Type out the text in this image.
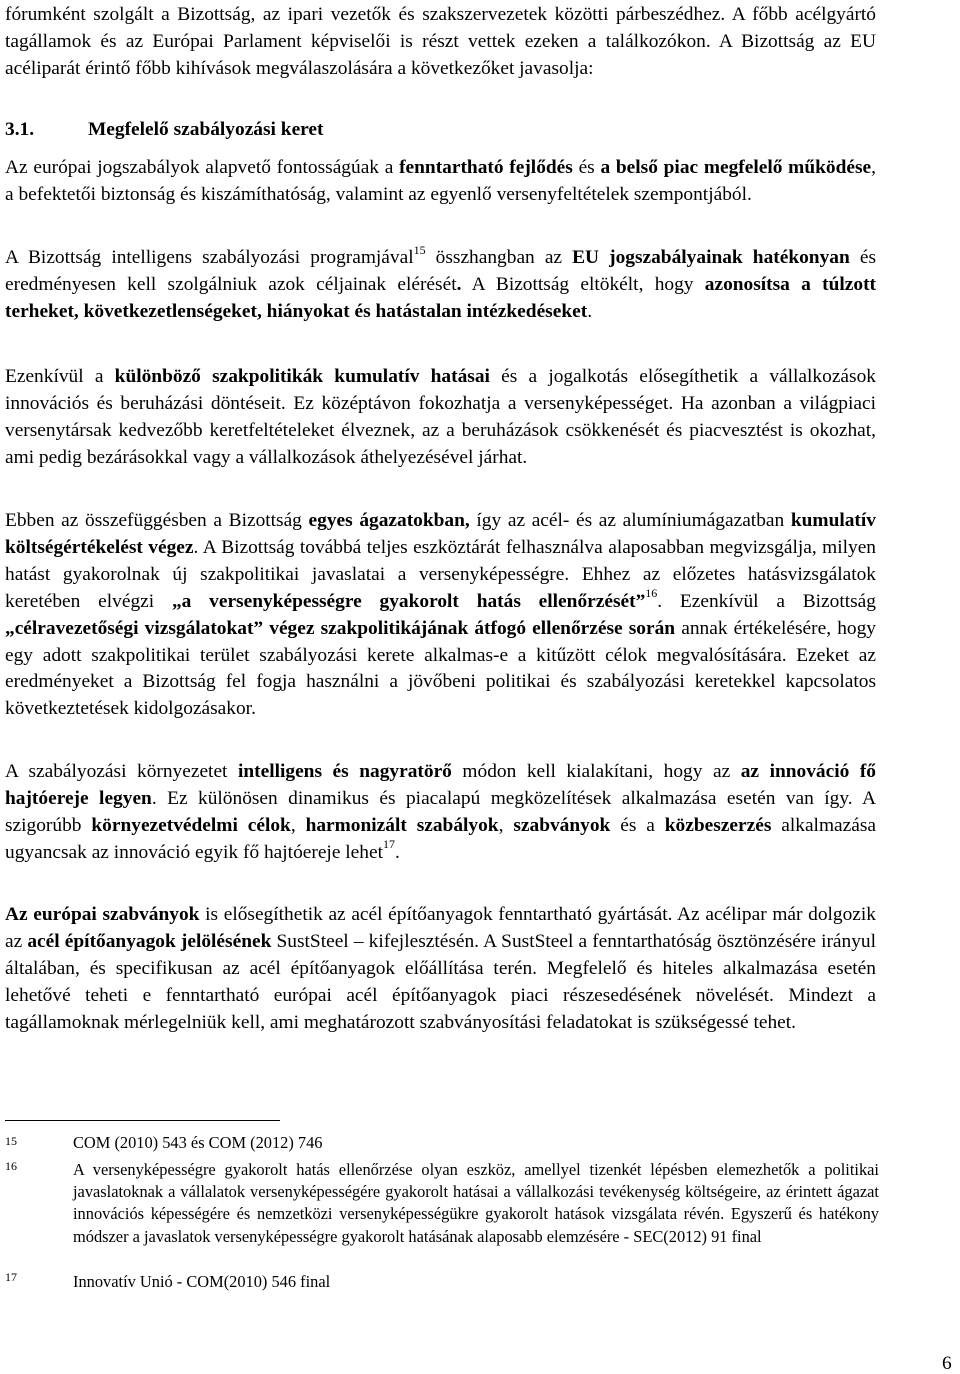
fórumként szolgált a Bizottság, az ipari vezetők és szakszervezetek közötti párbeszédhez. A főbb acélgyártó tagállamok és az Európai Parlament képviselői is részt vettek ezeken a találkozókon. A Bizottság az EU acéliparát érintő főbb kihívások megválaszolására a következőket javasolja:
3.1.	Megfelelő szabályozási keret
Az európai jogszabályok alapvető fontosságúak a fenntartható fejlődés és a belső piac megfelelő működése, a befektetői biztonság és kiszámíthatóság, valamint az egyenlő versenyfeltételek szempontjából.
A Bizottság intelligens szabályozási programjával$^{15}$ összhangban az EU jogszabályainak hatékonyan és eredményesen kell szolgálniuk azok céljainak elérését. A Bizottság eltökélt, hogy azonosítsa a túlzott terheket, következetlenségeket, hiányokat és hatástalan intézkedéseket.
Ezenkívül a különböző szakpolitikák kumulatív hatásai és a jogalkotás elősegíthetik a vállalkozások innovációs és beruházási döntéseit. Ez középtávon fokozhatja a versenyképességet. Ha azonban a világpiaci versenytársak kedvezőbb keretfeltételeket élveznek, az a beruházások csökkenését és piacvesztést is okozhat, ami pedig bezárásokkal vagy a vállalkozások áthelyezésével járhat.
Ebben az összefüggésben a Bizottság egyes ágazatokban, így az acél- és az alumíniumágazatban kumulatív költségértékelést végez. A Bizottság továbbá teljes eszköztárát felhasználva alaposabban megvizsgálja, milyen hatást gyakorolnak új szakpolitikai javaslatai a versenyképességre. Ehhez az előzetes hatásvizsgálatok keretében elvégzi „a versenyképességre gyakorolt hatás ellenőrzését”$^{16}$. Ezenkívül a Bizottság „célravezetőségi vizsgálatokat” végez szakpolitikájának átfogó ellenőrzése során annak értékelésére, hogy egy adott szakpolitikai terület szabályozási kerete alkalmas-e a kitűzött célok megvalósítására. Ezeket az eredményeket a Bizottság fel fogja használni a jövőbeni politikai és szabályozási keretekkel kapcsolatos következtetések kidolgozásakor.
A szabályozási környezetet intelligens és nagyratörő módon kell kialakítani, hogy az az innováció fő hajtóereje legyen. Ez különösen dinamikus és piacalapú megközelítések alkalmazása esetén van így. A szigorúbb környezetvédelmi célok, harmonizált szabályok, szabványok és a közbeszerzés alkalmazása ugyancsak az innováció egyik fő hajtóereje lehet$^{17}$.
Az európai szabványok is elősegíthetik az acél építőanyagok fenntartható gyártását. Az acélipar már dolgozik az acél építőanyagok jelölésének SustSteel – kifejlesztésén. A SustSteel a fenntarthatóság ösztönzésére irányul általában, és specifikusan az acél építőanyagok előállítása terén. Megfelelő és hiteles alkalmazása esetén lehetővé teheti e fenntartható európai acél építőanyagok piaci részesedésének növelését. Mindezt a tagállamoknak mérlegelniük kell, ami meghatározott szabványosítási feladatokat is szükségessé tehet.
15	COM (2010) 543 és COM (2012) 746
16	A versenyképességre gyakorolt hatás ellenőrzése olyan eszköz, amellyel tizenkét lépésben elemezhetők a politikai javaslatoknak a vállalatok versenyképességére gyakorolt hatásai a vállalkozási tevékenység költségeire, az érintett ágazat innovációs képességére és nemzetközi versenyképességükre gyakorolt hatások vizsgálata révén. Egyszerű és hatékony módszer a javaslatok versenyképességre gyakorolt hatásának alaposabb elemzésére - SEC(2012) 91 final
17	Innovatív Unió - COM(2010) 546 final
6
